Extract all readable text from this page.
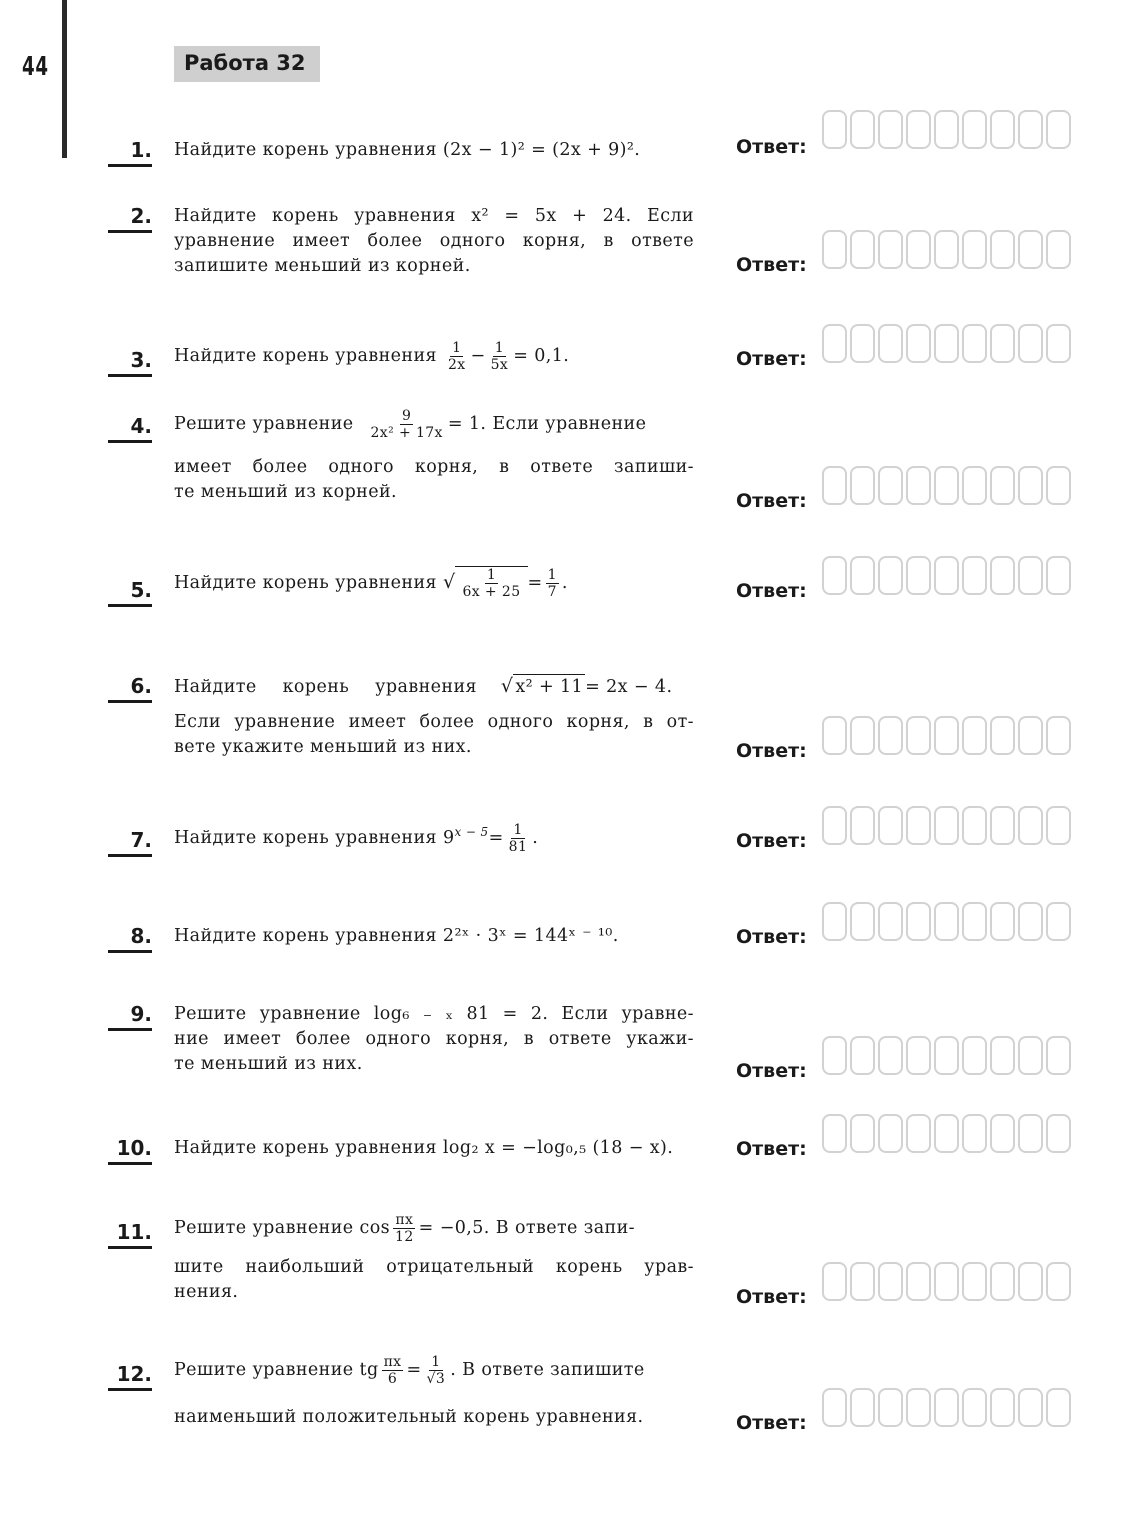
44	Работа 32
1. Найдите корень уравнения (2x − 1)² = (2x + 9)².	Ответ:
2. Найдите корень уравнения x² = 5x + 24. Если
уравнение имеет более одного корня, в ответе
запишите меньший из корней.	Ответ:
3. Найдите корень уравнения $\frac{1}{2x} - \frac{1}{5x} = 0,1$.	Ответ:
4. Решите уравнение $\frac{9}{\text{2x² + 17x}} = 1$. Если уравнение
имеет более одного корня, в ответе запиши-
те меньший из корней.	Ответ:
5. Найдите корень уравнения √ $\frac{1}{6x + 25} = \frac{1}{7}$ .	Ответ:
6. Найдите корень уравнения √ x² + 11 = 2x − 4.
Если уравнение имеет более одного корня, в от-
вете укажите меньший из них.	Ответ:
7. Найдите корень уравнения $9^{x - 5}= \frac{1}{81}$ .	Ответ:
8. Найдите корень уравнения 2²ˣ · 3ˣ = 144ˣ ⁻ ¹⁰.	Ответ:
9. Решите уравнение log₆ ₋ ₓ 81 = 2. Если уравне-
ние имеет более одного корня, в ответе укажи-
те меньший из них.	Ответ:
10. Найдите корень уравнения log₂ x = −log₀,₅ (18 − x).	Ответ:
11. Решите уравнение $\cos \frac{\pi x}{12} = -0,5$. В ответе запи-
шите наибольший отрицательный корень урав-
нения.	Ответ:
12. Решите уравнение tg $\frac{\pi x}{6} = \frac{1}{√3}$ . В ответе запишите
наименьший положительный корень уравнения.	Ответ:
